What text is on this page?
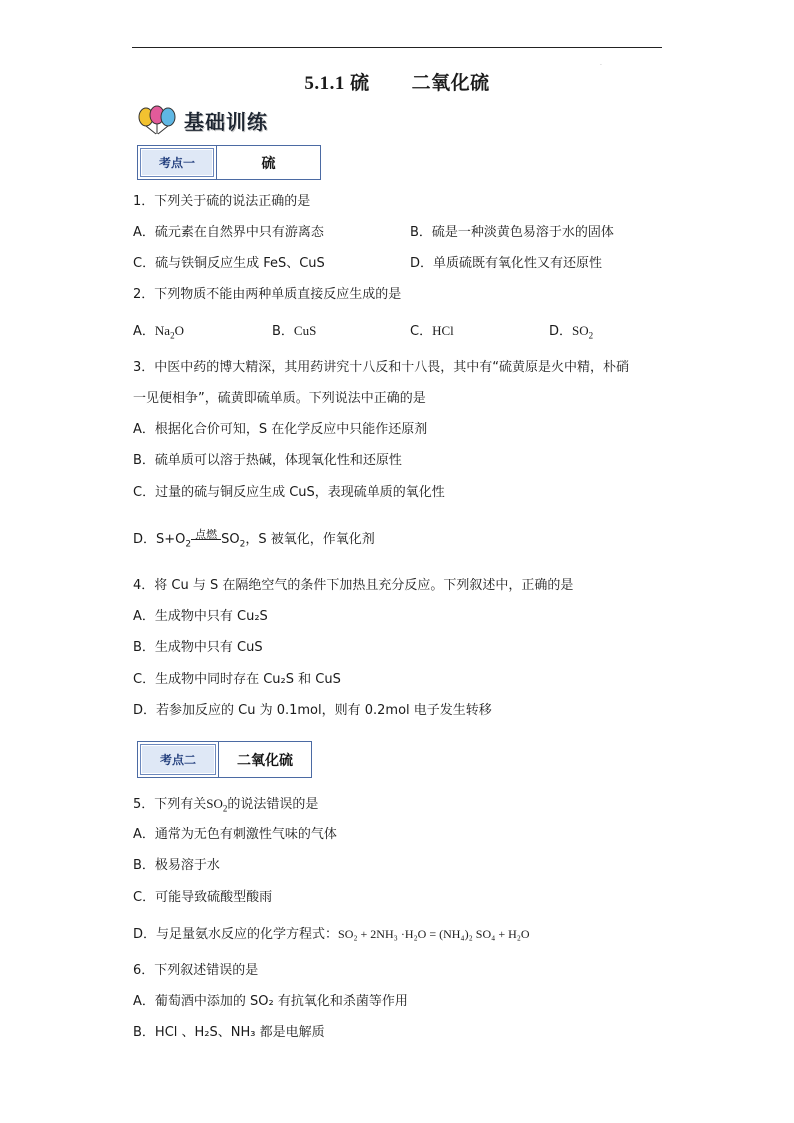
.
5.1.1 硫 二氧化硫
基础训练
考点一	硫
1．下列关于硫的说法正确的是
A．硫元素在自然界中只有游离态	B．硫是一种淡黄色易溶于水的固体
C．硫与铁铜反应生成 FeS、CuS	D．单质硫既有氧化性又有还原性
2．下列物质不能由两种单质直接反应生成的是
A．$Na_2O$	B．CuS	C．HCl	D．$SO_2$
3．中医中药的博大精深，其用药讲究十八反和十八畏，其中有“硫黄原是火中精，朴硝
一见便相争”，硫黄即硫单质。下列说法中正确的是
A．根据化合价可知，S 在化学反应中只能作还原剂
B．硫单质可以溶于热碱，体现氧化性和还原性
C．过量的硫与铜反应生成 CuS，表现硫单质的氧化性
D．$S+O_2$
点燃 $SO_2$，S 被氧化，作氧化剂
4．将 Cu 与 S 在隔绝空气的条件下加热且充分反应。下列叙述中，正确的是
A．生成物中只有 Cu₂S
B．生成物中只有 CuS
C．生成物中同时存在 Cu₂S 和 CuS
D．若参加反应的 Cu 为 0.1mol，则有 0.2mol 电子发生转移
考点二	二氧化硫
5．下列有关$SO_2$的说法错误的是
A．通常为无色有刺激性气味的气体
B．极易溶于水
C．可能导致硫酸型酸雨
D．与足量氨水反应的化学方程式：SO₂ + 2NH₃ ·H₂O = (NH₄)₂ SO₄ + H₂O
6．下列叙述错误的是
A．葡萄酒中添加的 SO₂ 有抗氧化和杀菌等作用
B．HCl 、H₂S、NH₃ 都是电解质
